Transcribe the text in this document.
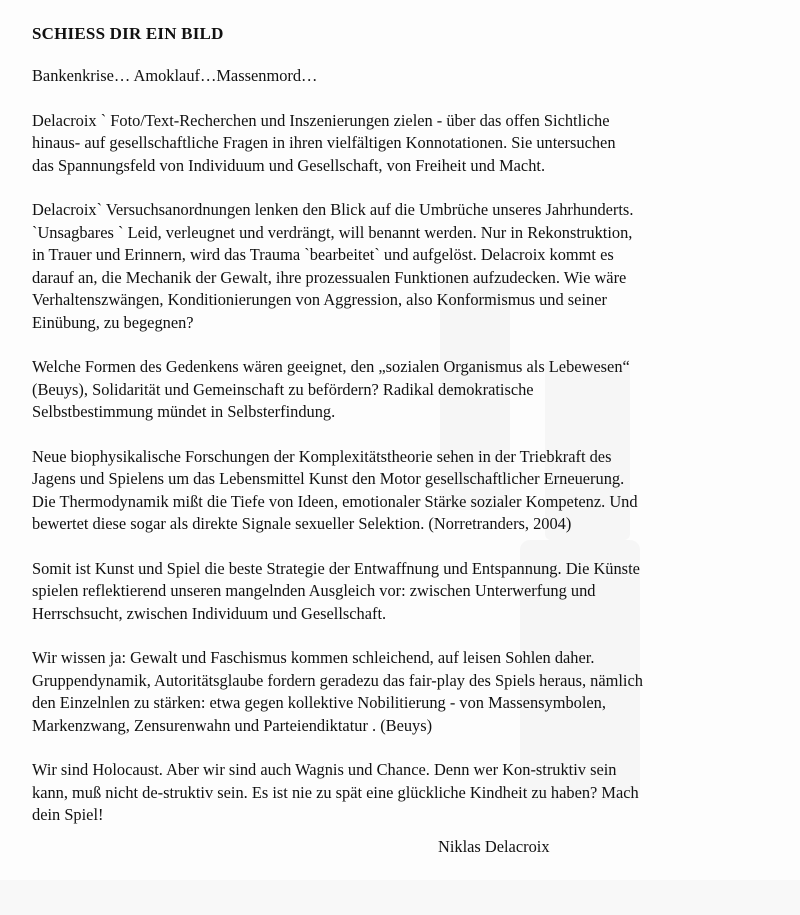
SCHIESS DIR EIN BILD
Bankenkrise… Amoklauf…Massenmord…
Delacroix ` Foto/Text-Recherchen und Inszenierungen zielen - über das offen Sichtliche
hinaus- auf gesellschaftliche Fragen in ihren vielfältigen Konnotationen. Sie untersuchen
das Spannungsfeld von Individuum und Gesellschaft, von Freiheit und Macht.
Delacroix` Versuchsanordnungen lenken den Blick auf die Umbrüche unseres Jahrhunderts.
`Unsagbares ` Leid, verleugnet und verdrängt, will benannt werden. Nur in Rekonstruktion,
in Trauer und Erinnern, wird das Trauma `bearbeitet` und aufgelöst. Delacroix kommt es
darauf an, die Mechanik der Gewalt, ihre prozessualen Funktionen aufzudecken. Wie wäre
Verhaltenszwängen, Konditionierungen von Aggression, also Konformismus und seiner
Einübung, zu begegnen?
Welche Formen des Gedenkens wären geeignet, den „sozialen Organismus als Lebewesen“
(Beuys), Solidarität und Gemeinschaft zu befördern? Radikal demokratische
Selbstbestimmung mündet in Selbsterfindung.
Neue biophysikalische Forschungen der Komplexitätstheorie sehen in der Triebkraft des
Jagens und Spielens um das Lebensmittel Kunst den Motor gesellschaftlicher Erneuerung.
Die Thermodynamik mißt die Tiefe von Ideen, emotionaler Stärke sozialer Kompetenz. Und
bewertet diese sogar als direkte Signale sexueller Selektion. (Norretranders, 2004)
Somit ist Kunst und Spiel die beste Strategie der Entwaffnung und Entspannung. Die Künste
spielen reflektierend unseren mangelnden Ausgleich vor: zwischen Unterwerfung und
Herrschsucht, zwischen Individuum und Gesellschaft.
Wir wissen ja: Gewalt und Faschismus kommen schleichend, auf leisen Sohlen daher.
Gruppendynamik, Autoritätsglaube fordern geradezu das fair-play des Spiels heraus, nämlich
den Einzelnlen zu stärken: etwa gegen kollektive Nobilitierung - von Massensymbolen,
Markenzwang, Zensurenwahn und Parteiendiktatur . (Beuys)
Wir sind Holocaust. Aber wir sind auch Wagnis und Chance. Denn wer Kon-struktiv sein
kann, muß nicht de-struktiv sein. Es ist nie zu spät eine glückliche Kindheit zu haben? Mach
dein Spiel!
Niklas Delacroix
